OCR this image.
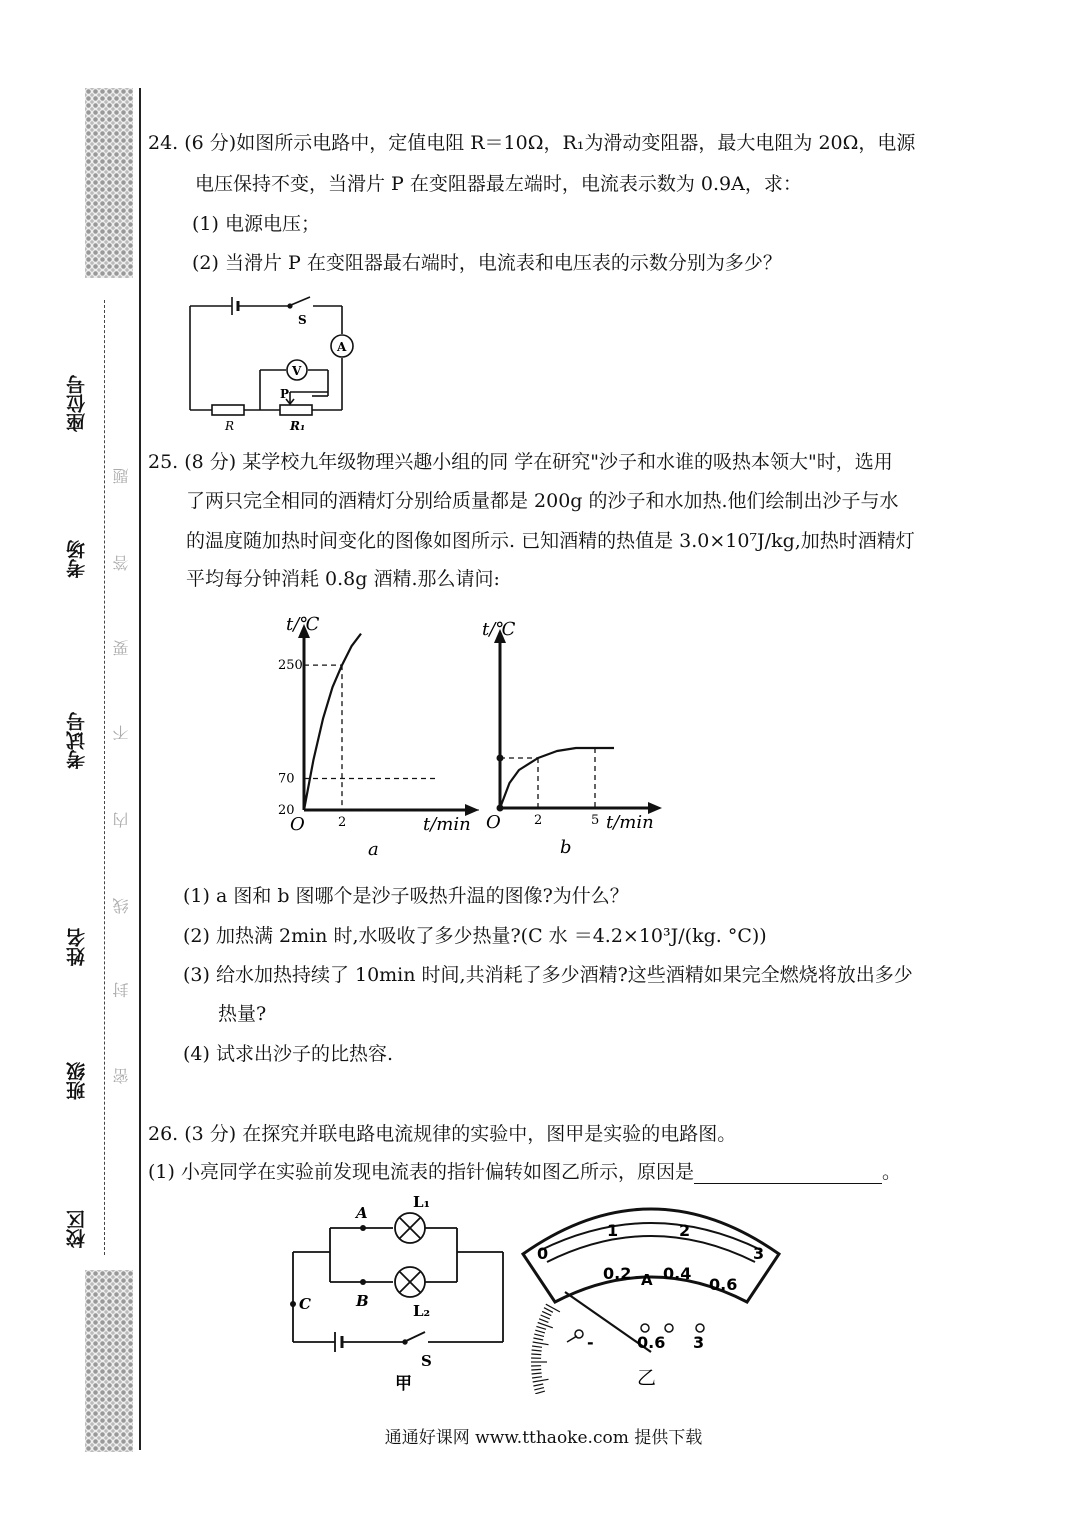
座位号
考场
考试号
姓名
班级
校区
题
答
要
不
内
线
封
密
24. (6 分)如图所示电路中，定值电阻 R＝10Ω，R₁为滑动变阻器，最大电阻为 20Ω，电源
电压保持不变，当滑片 P 在变阻器最左端时，电流表示数为 0.9A，求：
(1) 电源电压；
(2) 当滑片 P 在变阻器最右端时，电流表和电压表的示数分别为多少？
S
A
V
P
R	R₁
25. (8 分) 某学校九年级物理兴趣小组的同 学在研究"沙子和水谁的吸热本领大"时，选用
了两只完全相同的酒精灯分别给质量都是 200g 的沙子和水加热.他们绘制出沙子与水
的温度随加热时间变化的图像如图所示. 已知酒精的热值是 3.0×10⁷J/kg,加热时酒精灯
平均每分钟消耗 0.8g 酒精.那么请问:
t/℃
t/min
O
20
70
250
2
a
t/℃
t/min
O	2	5
b
(1) a 图和 b 图哪个是沙子吸热升温的图像?为什么？
(2) 加热满 2min 时,水吸收了多少热量?(C 水 ＝4.2×10³J/(kg. °C))
(3) 给水加热持续了 10min 时间,共消耗了多少酒精?这些酒精如果完全燃烧将放出多少
热量?
(4) 试求出沙子的比热容.
26. (3 分) 在探究并联电路电流规律的实验中，图甲是实验的电路图。
(1) 小亮同学在实验前发现电流表的指针偏转如图乙所示，原因是	。
A
B
C
L₁
L₂
S
甲
0
1	2
3
0.2 0.4
0.6
A
-	0.6 3
乙
通通好课网 www.tthaoke.com 提供下载
